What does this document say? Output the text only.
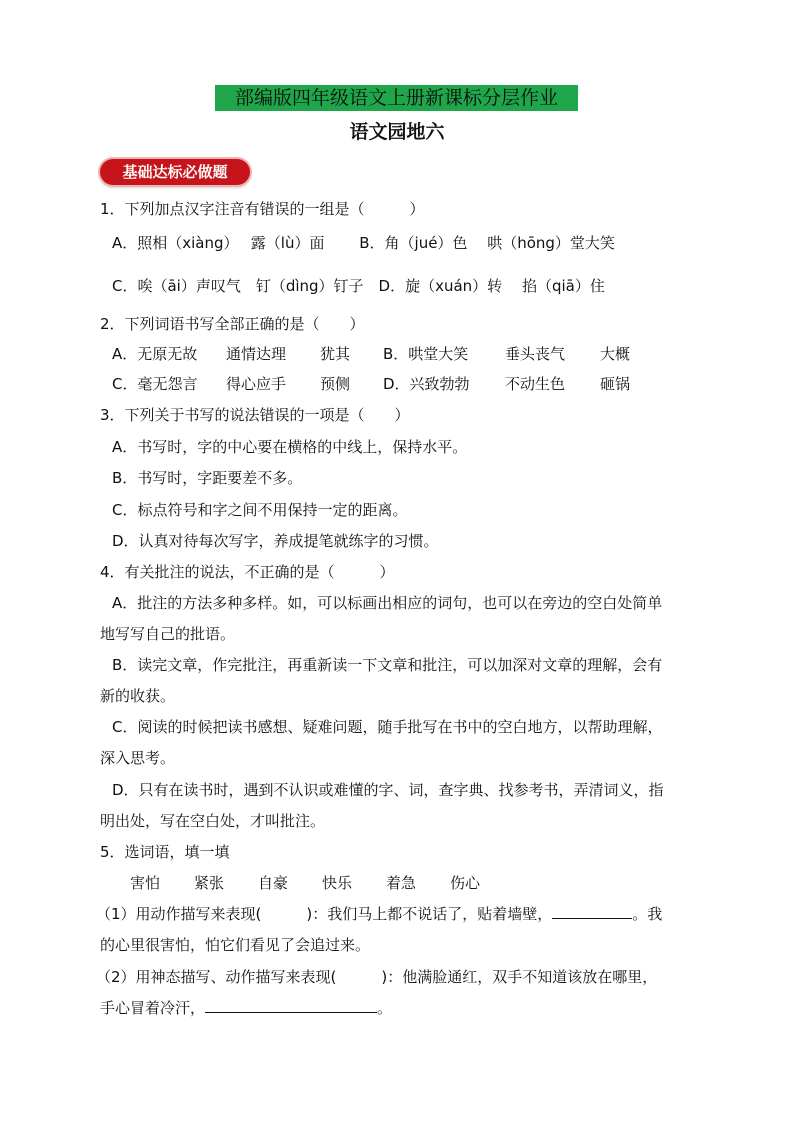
部编版四年级语文上册新课标分层作业
语文园地六
基础达标必做题
1．下列加点汉字注音有错误的一组是（　　　）
A．照相（xiàng）　 露（lù）面　　 B．角（jué）色　 哄（hōng）堂大笑
C．唉（āi）声叹气　钉（dìng）钉子　D．旋（xuán）转　 掐（qiā）住
2．下列词语书写全部正确的是（　　）
A．无原无故 通情达理 犹其 B．哄堂大笑 垂头丧气 大概
C．毫无怨言 得心应手 预侧 D．兴致勃勃 不动生色 砸锅
3．下列关于书写的说法错误的一项是（　　）
A．书写时，字的中心要在横格的中线上，保持水平。
B．书写时，字距要差不多。
C．标点符号和字之间不用保持一定的距离。
D．认真对待每次写字，养成提笔就练字的习惯。
4．有关批注的说法，不正确的是（　　　）
A．批注的方法多种多样。如，可以标画出相应的词句，也可以在旁边的空白处简单
地写写自己的批语。
B．读完文章，作完批注，再重新读一下文章和批注，可以加深对文章的理解，会有
新的收获。
C．阅读的时候把读书感想、疑难问题，随手批写在书中的空白地方，以帮助理解，
深入思考。
D．只有在读书时，遇到不认识或难懂的字、词，查字典、找参考书，弄清词义，指
明出处，写在空白处，才叫批注。
5．选词语，填一填
害怕 紧张 自豪 快乐 着急 伤心
（1）用动作描写来表现(　　　)：我们马上都不说话了，贴着墙壁，	。我
的心里很害怕，怕它们看见了会追过来。
（2）用神态描写、动作描写来表现(　　　)：他满脸通红，双手不知道该放在哪里，
手心冒着冷汗，	。
